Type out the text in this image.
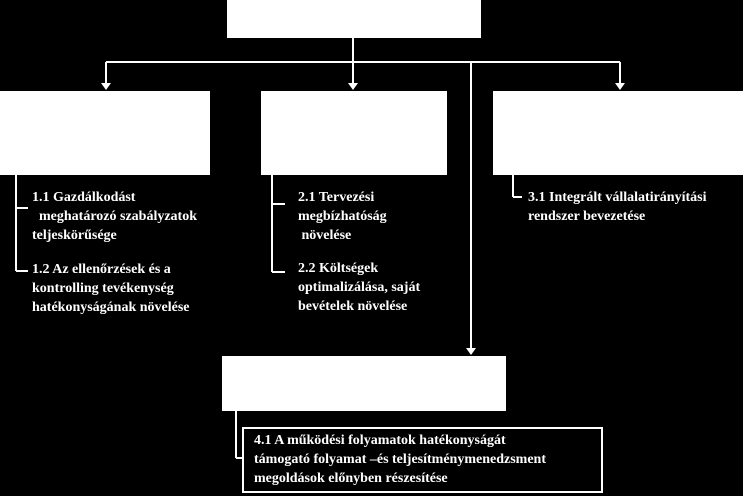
1.1 Gazdálkodást
meghatározó szabályzatok
teljeskörűsége
1.2 Az ellenőrzések és a
kontrolling tevékenység
hatékonyságának növelése
2.1 Tervezési
megbízhatóság
növelése
2.2 Költségek
optimalizálása, saját
bevételek növelése
3.1 Integrált vállalatirányítási
rendszer bevezetése
4.1 A működési folyamatok hatékonyságát
támogató folyamat –és teljesítménymenedzsment
megoldások előnyben részesítése
